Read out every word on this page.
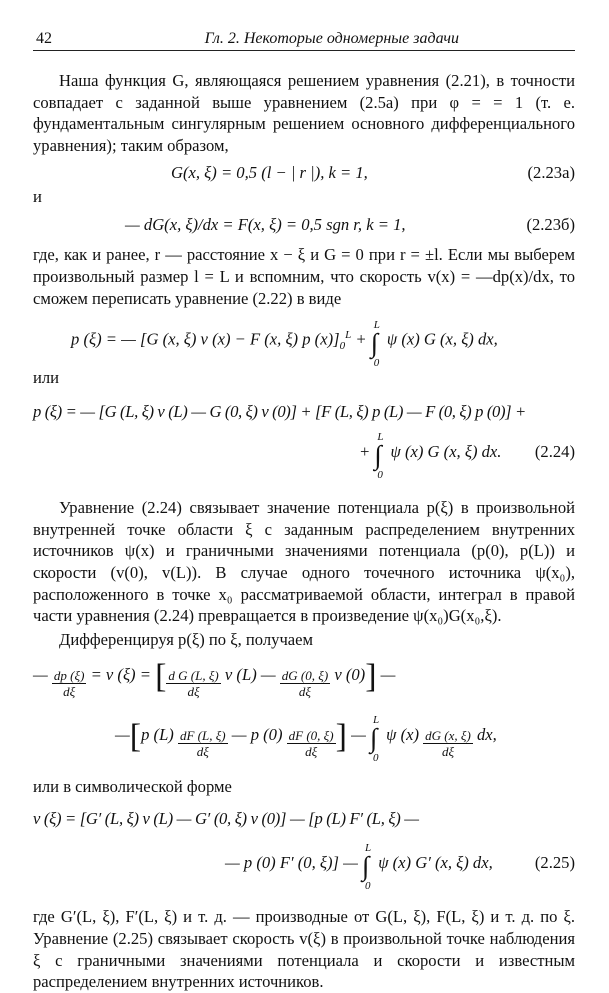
42	Гл. 2. Некоторые одномерные задачи

Наша функция G, являющаяся решением уравнения (2.21), в точности совпадает с заданной выше уравнением (2.5а) при φ = = 1 (т. е. фундаментальным сингулярным решением основного дифференциального уравнения); таким образом,

G(x, ξ) = 0,5 (l − | r |), k = 1,	(2.23а)
и
— dG(x, ξ)/dx = F(x, ξ) = 0,5 sgn r, k = 1,	(2.23б)

где, как и ранее, r — расстояние x − ξ и G = 0 при r = ±l. Если мы выберем произвольный размер l = L и вспомним, что скорость v(x) = —dp(x)/dx, то сможем переписать уравнение (2.22) в виде

p (ξ) = — [G (x, ξ) v (x) − F (x, ξ) p $(x)]_0^L$ + ∫
L
0
ψ (x) G (x, ξ) dx,
или
p (ξ) = — [G (L, ξ) v (L) — G (0, ξ) v (0)] + [F (L, ξ) p (L) — F (0, ξ) p (0)] +
+ ∫
L
0
ψ (x) G (x, ξ) dx. (2.24)

Уравнение (2.24) связывает значение потенциала p(ξ) в произвольной внутренней точке области ξ с заданным распределением внутренних источников ψ(x) и граничными значениями потенциала (p(0), p(L)) и скорости (v(0), v(L)). В случае одного точечного источника ψ(x₀), расположенного в точке x₀ рассматриваемой области, интеграл в правой части уравнения (2.24) превращается в произведение ψ(x₀)G(x₀,ξ).

Дифференцируя p(ξ) по ξ, получаем

— $\frac{dp (\xi)}{d\xi} = v$ (ξ) = [ $\frac{\text{d G (L, ξ)}}{d\xi}$ v (L) — $\frac{dG (0, \xi)}{d\xi}$ v (0)] —
—[p $(L) \frac{dF (L, \xi)}{d\xi}$ — p $(0) \frac{dF (0, \xi)}{d\xi}$ ] — ∫
L
0
ψ $(x) \frac{dG (x, \xi)}{d\xi}$ dx,
или в символической форме
v (ξ) = [G′ (L, ξ) v (L) — G′ (0, ξ) v (0)] — [p (L) F′ (L, ξ) —
— p (0) F′ (0, ξ)] — ∫
L
0
ψ (x) G′ (x, ξ) dx,	(2.25)

где G′(L, ξ), F′(L, ξ) и т. д. — производные от G(L, ξ), F(L, ξ) и т. д. по ξ. Уравнение (2.25) связывает скорость v(ξ) в произвольной точке наблюдения ξ с граничными значениями потенциала и скорости и известным распределением внутренних источников.
